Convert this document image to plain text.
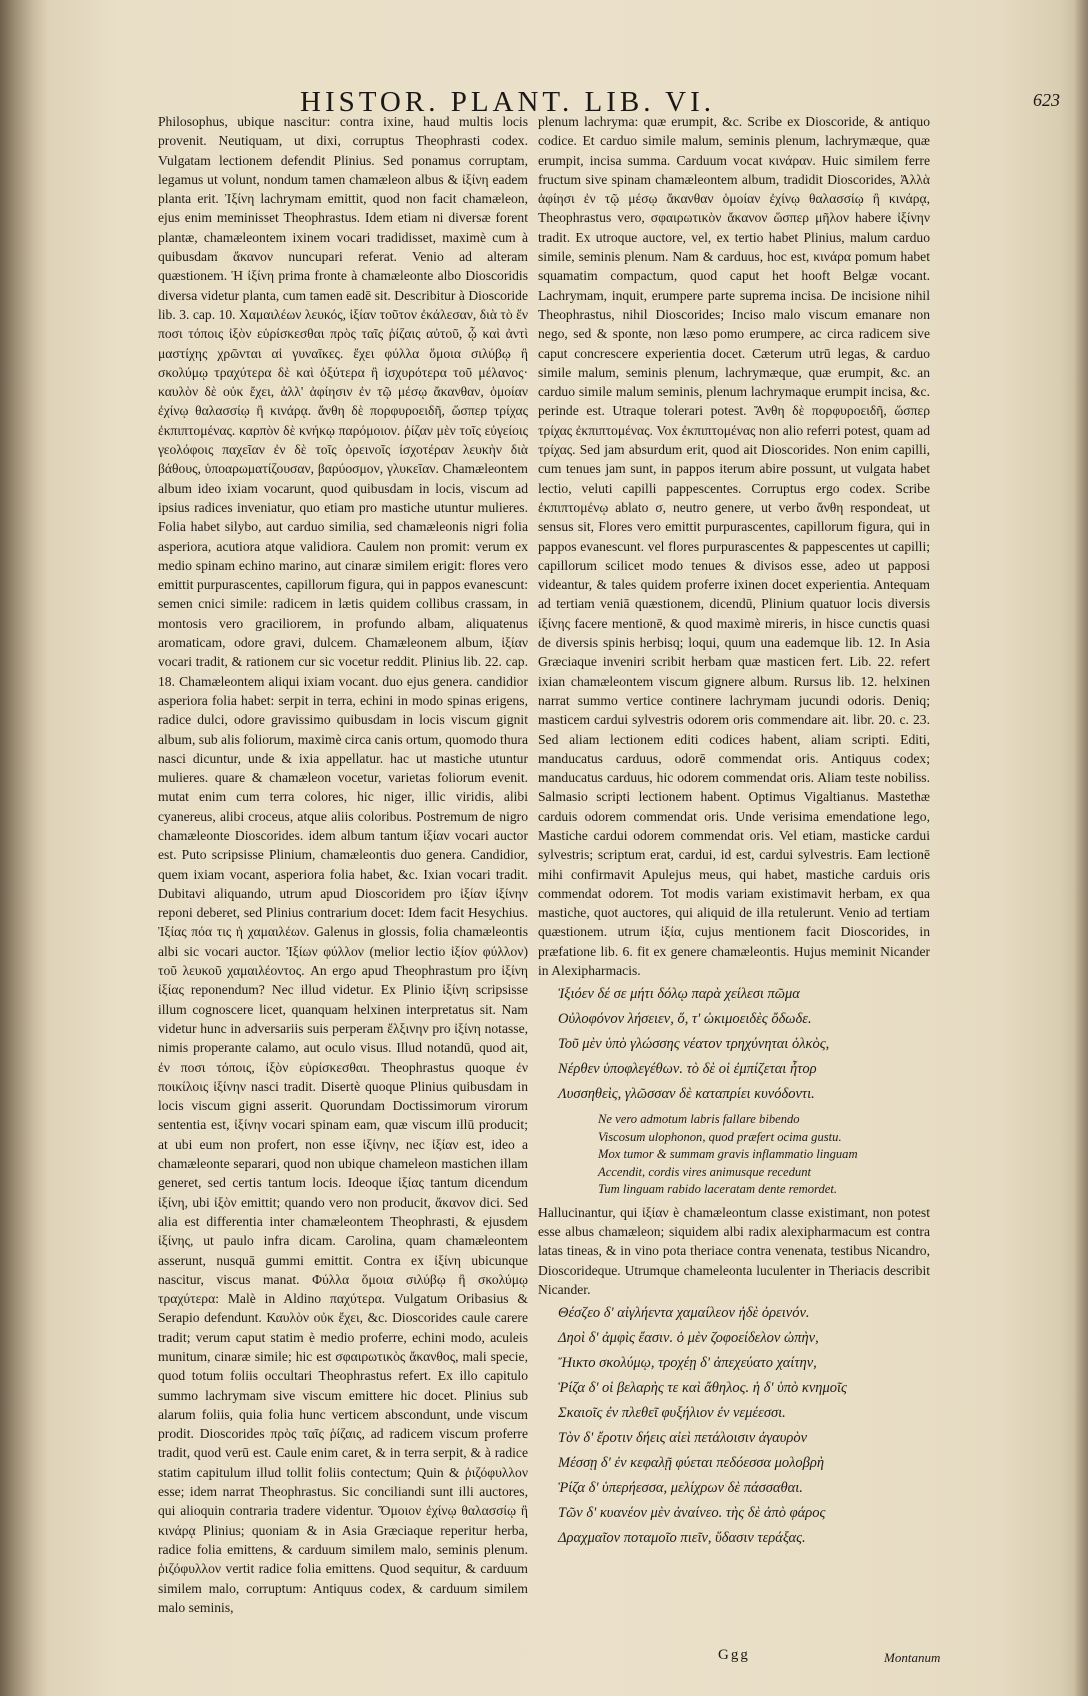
HISTOR. PLANT. LIB. VI.	623

Philosophus, ubique nascitur: contra ixine, haud multis locis provenit. Neutiquam, ut dixi, corruptus Theophrasti codex. Vulgatam lectionem defendit Plinius. Sed ponamus corruptam, legamus ut volunt, nondum tamen chamæleon albus & ἰξίνη eadem planta erit. Ἰξίνη lachrymam emittit, quod non facit chamæleon, ejus enim meminisset Theophrastus. Idem etiam ni diversæ forent plantæ, chamæleontem ixinem vocari tradidisset, maximè cum à quibusdam ἄκανον nuncupari referat. Venio ad alteram quæstionem. Ἡ ἰξίνη prima fronte à chamæleonte albo Dioscoridis diversa videtur planta, cum tamen eadē sit. Describitur à Dioscoride lib. 3. cap. 10. Χαμαιλέων λευκός, ἰξίαν τοῦτον ἐκάλεσαν, διὰ τὸ ἔν ποσι τόποις ἰξὸν εὑρίσκεσθαι πρὸς ταῖς ῥίζαις αὐτοῦ, ᾧ καὶ ἀντὶ μαστίχης χρῶνται αἱ γυναῖκες. ἔχει φύλλα ὅμοια σιλύβῳ ἢ σκολύμῳ τραχύτερα δὲ καὶ ὀξύτερα ἢ ἰσχυρότερα τοῦ μέλανος· καυλὸν δὲ οὐκ ἔχει, ἀλλ' ἀφίησιν ἐν τῷ μέσῳ ἄκανθαν, ὁμοίαν ἐχίνῳ θαλασσίῳ ἢ κινάρᾳ. ἄνθη δὲ πορφυροειδῆ, ὥσπερ τρίχας ἐκπιπτομένας. καρπὸν δὲ κνήκῳ παρόμοιον. ῥίζαν μὲν τοῖς εὐγείοις γεολόφοις παχεῖαν ἐν δὲ τοῖς ὀρεινοῖς ἰσχοτέραν λευκὴν διὰ βάθους, ὑποαρωματίζουσαν, βαρύοσμον, γλυκεῖαν. Chamæleontem album ideo ixiam vocarunt, quod quibusdam in locis, viscum ad ipsius radices inveniatur, quo etiam pro mastiche utuntur mulieres. Folia habet silybo, aut carduo similia, sed chamæleonis nigri folia asperiora, acutiora atque validiora. Caulem non promit: verum ex medio spinam echino marino, aut cinaræ similem erigit: flores vero emittit purpurascentes, capillorum figura, qui in pappos evanescunt: semen cnici simile: radicem in lætis quidem collibus crassam, in montosis vero graciliorem, in profundo albam, aliquatenus aromaticam, odore gravi, dulcem. Chamæleonem album, ἰξίαν vocari tradit, & rationem cur sic vocetur reddit. Plinius lib. 22. cap. 18. Chamæleontem aliqui ixiam vocant. duo ejus genera. candidior asperiora folia habet: serpit in terra, echini in modo spinas erigens, radice dulci, odore gravissimo quibusdam in locis viscum gignit album, sub alis foliorum, maximè circa canis ortum, quomodo thura nasci dicuntur, unde & ixia appellatur. hac ut mastiche utuntur mulieres. quare & chamæleon vocetur, varietas foliorum evenit. mutat enim cum terra colores, hic niger, illic viridis, alibi cyanereus, alibi croceus, atque aliis coloribus. Postremum de nigro chamæleonte Dioscorides. idem album tantum ἰξίαν vocari auctor est. Puto scripsisse Plinium, chamæleontis duo genera. Candidior, quem ixiam vocant, asperiora folia habet, &c. Ixian vocari tradit. Dubitavi aliquando, utrum apud Dioscoridem pro ἰξίαν ἰξίνην reponi deberet, sed Plinius contrarium docet: Idem facit Hesychius. Ἰξίας πόα τις ἡ χαμαιλέων. Galenus in glossis, folia chamæleontis albi sic vocari auctor. Ἰξίων φύλλον (melior lectio ἰξίον φύλλον) τοῦ λευκοῦ χαμαιλέοντος. An ergo apud Theophrastum pro ἰξίνη ἰξίας reponendum? Nec illud videtur. Ex Plinio ἰξίνη scripsisse illum cognoscere licet, quanquam helxinen interpretatus sit. Nam videtur hunc in adversariis suis perperam ἕλξινην pro ἰξίνη notasse, nimis properante calamo, aut oculo visus. Illud notandū, quod ait, ἐν ποσι τόποις, ἰξὸν εὑρίσκεσθαι. Theophrastus quoque ἐν ποικίλοις ἰξίνην nasci tradit. Disertè quoque Plinius quibusdam in locis viscum gigni asserit. Quorundam Doctissimorum virorum sententia est, ἰξίνην vocari spinam eam, quæ viscum illū producit; at ubi eum non profert, non esse ἰξίνην, nec ἰξίαν est, ideo a chamæleonte separari, quod non ubique chameleon mastichen illam generet, sed certis tantum locis. Ideoque ἰξίας tantum dicendum ἰξίνη, ubi ἰξὸν emittit; quando vero non producit, ἄκανον dici. Sed alia est differentia inter chamæleontem Theophrasti, & ejusdem ἰξίνης, ut paulo infra dicam. Carolina, quam chamæleontem asserunt, nusquā gummi emittit. Contra ex ἰξίνη ubicunque nascitur, viscus manat. Φύλλα ὅμοια σιλύβῳ ἢ σκολύμῳ τραχύτερα: Malè in Aldino παχύτερα. Vulgatum Oribasius & Serapio defendunt. Καυλὸν οὐκ ἔχει, &c. Dioscorides caule carere tradit; verum caput statim è medio proferre, echini modo, aculeis munitum, cinaræ simile; hic est σφαιρωτικὸς ἄκανθος, mali specie, quod totum foliis occultari Theophrastus refert. Ex illo capitulo summo lachrymam sive viscum emittere hic docet. Plinius sub alarum foliis, quia folia hunc verticem abscondunt, unde viscum prodit. Dioscorides πρὸς ταῖς ῥίζαις, ad radicem viscum proferre tradit, quod verū est. Caule enim caret, & in terra serpit, & à radice statim capitulum illud tollit foliis contectum; Quin & ῥιζόφυλλον esse; idem narrat Theophrastus. Sic conciliandi sunt illi auctores, qui alioquin contraria tradere videntur. Ὅμοιον ἐχίνῳ θαλασσίῳ ἢ κινάρᾳ Plinius; quoniam & in Asia Græciaque reperitur herba, radice folia emittens, & carduum similem malo, seminis plenum. ῥιζόφυλλον vertit radice folia emittens. Quod sequitur, & carduum similem malo, corruptum: Antiquus codex, & carduum similem malo seminis,

plenum lachryma: quæ erumpit, &c. Scribe ex Dioscoride, & antiquo codice. Et carduo simile malum, seminis plenum, lachrymæque, quæ erumpit, incisa summa. Carduum vocat κινάραν. Huic similem ferre fructum sive spinam chamæleontem album, tradidit Dioscorides, Ἀλλὰ ἀφίησι ἐν τῷ μέσῳ ἄκανθαν ὁμοίαν ἐχίνῳ θαλασσίῳ ἢ κινάρᾳ, Theophrastus vero, σφαιρωτικὸν ἄκανον ὥσπερ μῆλον habere ἰξίνην tradit. Ex utroque auctore, vel, ex tertio habet Plinius, malum carduo simile, seminis plenum. Nam & carduus, hoc est, κινάρα pomum habet squamatim compactum, quod caput het hooft Belgæ vocant. Lachrymam, inquit, erumpere parte suprema incisa. De incisione nihil Theophrastus, nihil Dioscorides; Inciso malo viscum emanare non nego, sed & sponte, non læso pomo erumpere, ac circa radicem sive caput concrescere experientia docet. Cæterum utrū legas, & carduo simile malum, seminis plenum, lachrymæque, quæ erumpit, &c. an carduo simile malum seminis, plenum lachrymaque erumpit incisa, &c. perinde est. Utraque tolerari potest. Ἄνθη δὲ πορφυροειδῆ, ὥσπερ τρίχας ἐκπιπτομένας. Vox ἐκπιπτομένας non alio referri potest, quam ad τρίχας. Sed jam absurdum erit, quod ait Dioscorides. Non enim capilli, cum tenues jam sunt, in pappos iterum abire possunt, ut vulgata habet lectio, veluti capilli pappescentes. Corruptus ergo codex. Scribe ἐκπιπτομένῳ ablato σ, neutro genere, ut verbo ἄνθη respondeat, ut sensus sit, Flores vero emittit purpurascentes, capillorum figura, qui in pappos evanescunt. vel flores purpurascentes & pappescentes ut capilli; capillorum scilicet modo tenues & divisos esse, adeo ut papposi videantur, & tales quidem proferre ixinen docet experientia. Antequam ad tertiam veniā quæstionem, dicendū, Plinium quatuor locis diversis ἰξίνης facere mentionē, & quod maximè mireris, in hisce cunctis quasi de diversis spinis herbisq; loqui, quum una eademque lib. 12. In Asia Græciaque inveniri scribit herbam quæ masticen fert. Lib. 22. refert ixian chamæleontem viscum gignere album. Rursus lib. 12. helxinen narrat summo vertice continere lachrymam jucundi odoris. Deniq; masticem cardui sylvestris odorem oris commendare ait. libr. 20. c. 23. Sed aliam lectionem editi codices habent, aliam scripti. Editi, manducatus carduus, odorē commendat oris. Antiquus codex; manducatus carduus, hic odorem commendat oris. Aliam teste nobiliss. Salmasio scripti lectionem habent. Optimus Vigaltianus. Mastethæ carduis odorem commendat oris. Unde verisima emendatione lego, Mastiche cardui odorem commendat oris. Vel etiam, masticke cardui sylvestris; scriptum erat, cardui, id est, cardui sylvestris. Eam lectionē mihi confirmavit Apulejus meus, qui habet, mastiche carduis oris commendat odorem. Tot modis variam existimavit herbam, ex qua mastiche, quot auctores, qui aliquid de illa retulerunt. Venio ad tertiam quæstionem. utrum ἰξία, cujus mentionem facit Dioscorides, in præfatione lib. 6. fit ex genere chamæleontis. Hujus meminit Nicander in Alexipharmacis.

Ἰξιόεν δέ σε μήτι δόλῳ παρὰ χείλεσι πῶμα
Οὐλοφόνον λήσειεν, ὅ, τ' ὠκιμοειδὲς ὄδωδε.
Τοῦ μὲν ὑπὸ γλώσσης νέατον τρηχύνηται ὁλκὸς,
Νέρθεν ὑποφλεγέθων. τὸ δὲ οἱ ἐμπίζεται ἦτορ
Λυσσηθεὶς, γλῶσσαν δὲ καταπρίει κυνόδοντι.
Ne vero admotum labris fallare bibendo
Viscosum ulophonon, quod præfert ocima gustu.
Mox tumor & summam gravis inflammatio linguam
Accendit, cordis vires animusque recedunt
Tum linguam rabido laceratam dente remordet.

Hallucinantur, qui ἰξίαν è chamæleontum classe existimant, non potest esse albus chamæleon; siquidem albi radix alexipharmacum est contra latas tineas, & in vino pota theriace contra venenata, testibus Nicandro, Dioscorideque. Utrumque chameleonta luculenter in Theriacis describit Nicander.

Θέσζεο δ' αἰγλήεντα χαμαίλεον ἠδὲ ὀρεινόν.
Δηοὶ δ' ἀμφὶς ἔασιν. ὁ μὲν ζοφοείδελον ὠπὴν,
Ἤικτο σκολύμῳ, τροχέῃ δ' ἀπεχεύατο χαίτην,
Ῥίζα δ' οἱ βελαρὴς τε καὶ ἄθηλος. ἡ δ' ὑπὸ κνημοῖς
Σκαιοῖς ἐν πλεθεῖ φυξήλιον ἐν νεμέεσσι.
Τὸν δ' ἔροτιν δήεις αἰεὶ πετάλοισιν ἀγαυρὸν
Μέσσῃ δ' ἐν κεφαλῇ φύεται πεδόεσσα μολοβρὴ
Ῥίζα δ' ὑπερήεσσα, μελίχρων δὲ πάσσαθαι.
Τῶν δ' κυανέον μὲν ἀναίνεο. τὴς δὲ ἀπὸ φάρος
Δραχμαῖον ποταμοῖο πιεῖν, ὕδασιν τεράξας.
Ggg	Montanum
